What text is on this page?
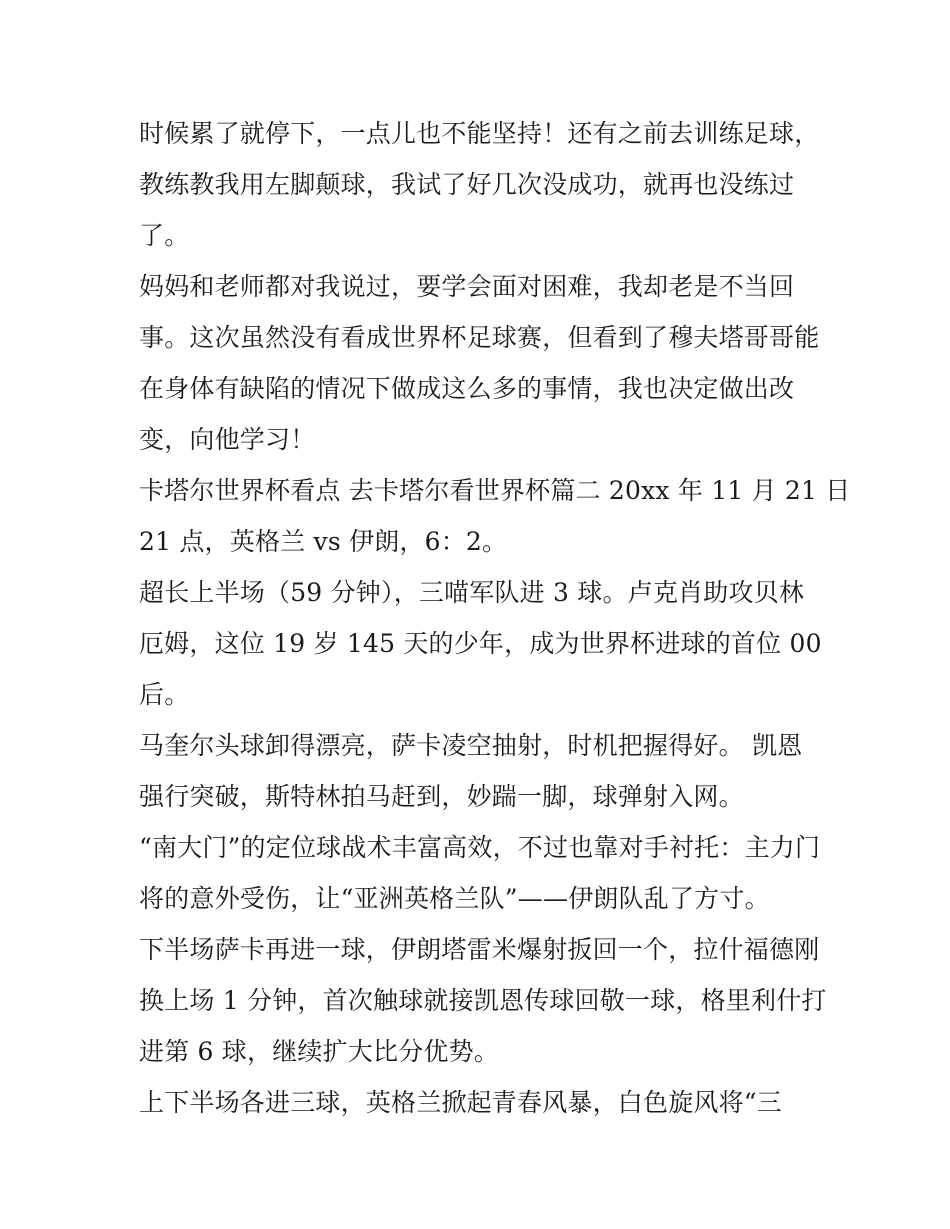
时候累了就停下，一点儿也不能坚持！还有之前去训练足球，
教练教我用左脚颠球，我试了好几次没成功，就再也没练过
了。
妈妈和老师都对我说过，要学会面对困难，我却老是不当回
事。这次虽然没有看成世界杯足球赛，但看到了穆夫塔哥哥能
在身体有缺陷的情况下做成这么多的事情，我也决定做出改
变，向他学习！
卡塔尔世界杯看点 去卡塔尔看世界杯篇二 20xx 年 11 月 21 日
21 点，英格兰 vs 伊朗，6：2。
超长上半场（59 分钟），三喵军队进 3 球。卢克肖助攻贝林
厄姆，这位 19 岁 145 天的少年，成为世界杯进球的首位 00
后。
马奎尔头球卸得漂亮，萨卡凌空抽射，时机把握得好。 凯恩
强行突破，斯特林拍马赶到，妙踹一脚，球弹射入网。
“南大门”的定位球战术丰富高效，不过也靠对手衬托：主力门
将的意外受伤，让“亚洲英格兰队”——伊朗队乱了方寸。
下半场萨卡再进一球，伊朗塔雷米爆射扳回一个，拉什福德刚
换上场 1 分钟，首次触球就接凯恩传球回敬一球，格里利什打
进第 6 球，继续扩大比分优势。
上下半场各进三球，英格兰掀起青春风暴，白色旋风将“三
